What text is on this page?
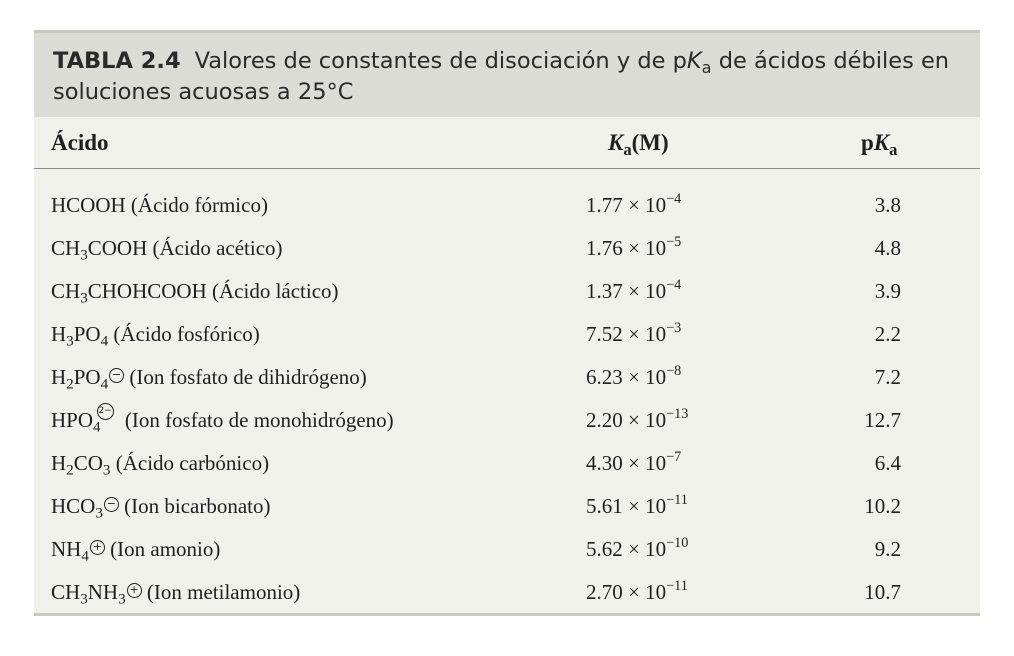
TABLA 2.4 Valores de constantes de disociación y de $pK_a$ de ácidos débiles en soluciones acuosas a 25°C
Ácido	$K_a(M)$	$pK_a$
HCOOH (Ácido fórmico)	$1.77 \times 10^{-4}$	3.8
$CH_3COOH$ (Ácido acético)	$1.76 \times 10^{-5}$	4.8
$CH_3CHOHCOOH$ (Ácido láctico)	$1.37 \times 10^{-4}$	3.9
$H_3PO_4$ (Ácido fosfórico)	$7.52 \times 10^{-3}$	2.2
$H_2PO_4- (Ion$ fosfato de dihidrógeno)	$6.23 \times 10^{-8}$	7.2
$HPO_42- (Ion$ fosfato de monohidrógeno)	$2.20 \times 10^{-13}$	12.7
$H_2CO_3$ (Ácido carbónico)	$4.30 \times 10^{-7}$	6.4
$HCO_3- (Ion$ bicarbonato)	$5.61 \times 10^{-11}$	10.2
$NH_4+ (Ion$ amonio)	$5.62 \times 10^{-10}$	9.2
$CH_3NH_3+ (Ion$ metilamonio)	$2.70 \times 10^{-11}$	10.7
